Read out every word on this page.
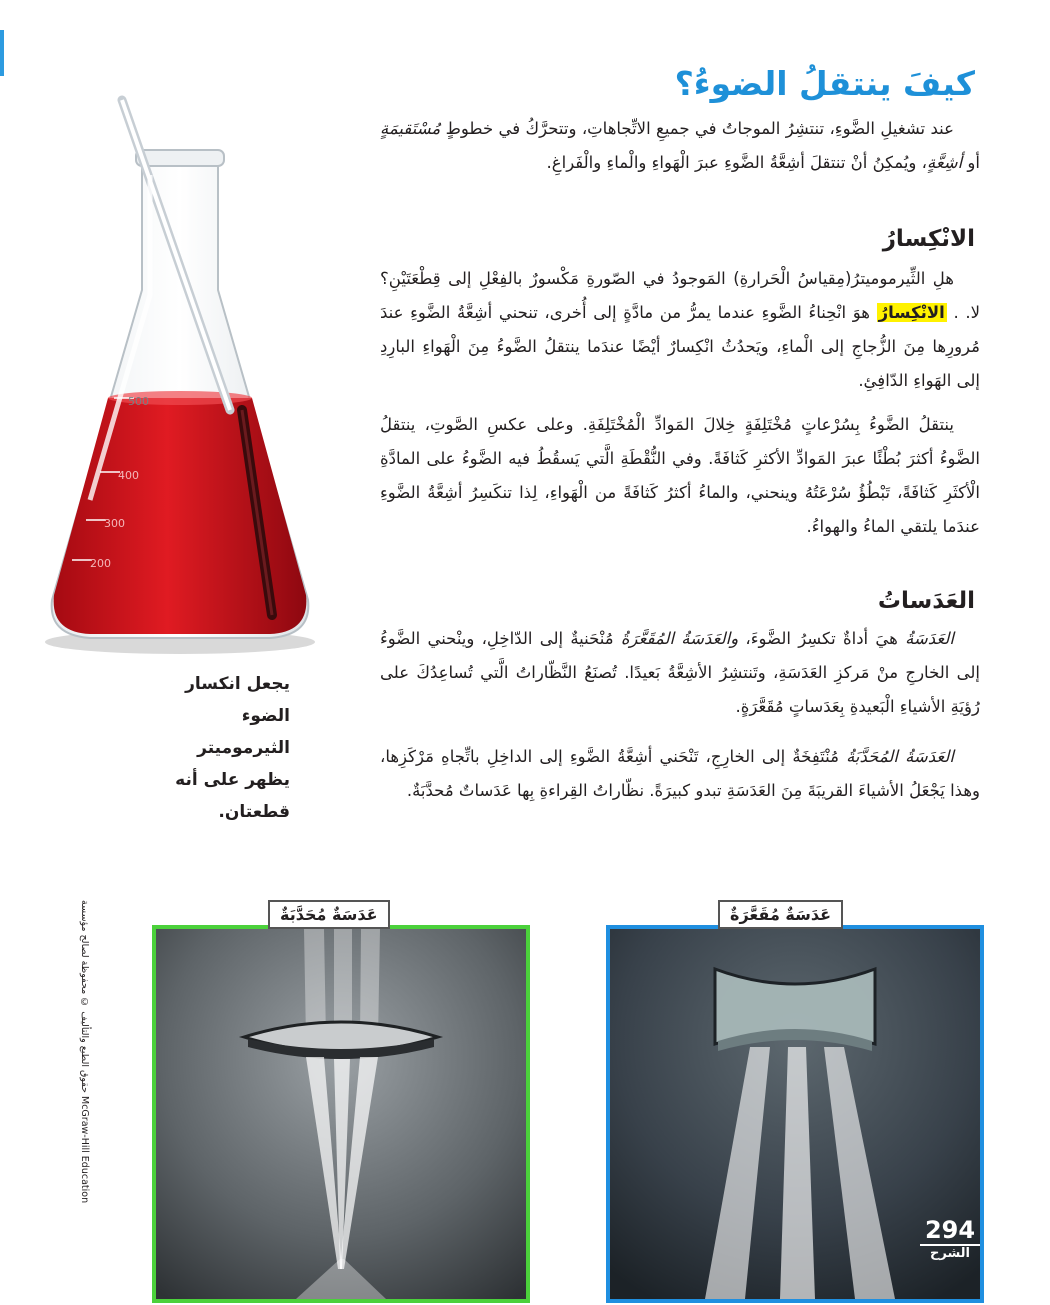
كيفَ ينتقلُ الضوءُ؟

عند تشغيلِ الضَّوءِ، تنتشِرُ الموجاتُ في جميعِ الاتِّجاهاتِ، وتتحرَّكُ في خطوطٍ مُسْتَقيمَةٍ أو أشِعَّةٍ، ويُمكِنُ أنْ تنتقلَ أشِعَّةُ الضَّوءِ عبرَ الْهَواءِ والْماءِ والْفَراغِ.

الانْكِسارُ

هلِ الثِّيرموميترُ(مِقياسُ الْحَرارةِ) المَوجودُ في الصّورةِ مَكْسورٌ بالفِعْلِ إلى قِطْعَتَيْنِ؟ لا. . الانْكِسارُ هوَ انْحِناءُ الضَّوءِ عندما يمرُّ من مادَّةٍ إلى أُخرى، تنحني أشِعَّةُ الضَّوءِ عندَ مُرورِها مِنَ الزُّجاجِ إلى الْماءِ، ويَحدُثُ انْكِسارٌ أيْضًا عندَما ينتقلُ الضَّوءُ مِنَ الْهَواءِ البارِدِ إلى الهَواءِ الدّافِئِ.

ينتقلُ الضَّوءُ بِسُرْعاتٍ مُخْتَلِفَةٍ خِلالَ المَوادِّ الْمُخْتَلِفَةِ. وعلى عكسِ الصَّوتِ، ينتقلُ الضَّوءُ أكثرَ بُطْئًا عبرَ المَوادِّ الأكثرِ كَثافَةً. وفي النُّقْطَةِ الَّتي يَسقُطُ فيه الضَّوءُ على المادَّةِ الْأكثَرِ كَثافَةً، تَبْطُؤُ سُرْعَتُهُ وينحني، والماءُ أكثرُ كَثافَةً من الْهَواءِ، لِذا تنكَسِرُ أشِعَّةُ الضَّوءِ عندَما يلتقي الماءُ والهواءُ.

العَدَساتُ

العَدَسَةُ هيَ أداةٌ تكسِرُ الضَّوءَ، والعَدَسَةُ المُقَعَّرَةُ مُنْحَنيةٌ إلى الدّاخِلِ، وينْحني الضَّوءُ إلى الخارجِ منْ مَركزِ العَدَسَةِ، وتَنتشِرُ الأشِعَّةُ بَعيدًا. تُصنَعُ النَّظّاراتُ الَّتي تُساعِدُكَ على رُؤيَةِ الأشياءِ الْبَعيدةِ بِعَدَساتٍ مُقَعَّرَةٍ.

العَدَسَةُ المُحَدَّبَةُ مُنْتَفِخَةٌ إلى الخارِجِ، تَنْحَني أشِعَّةُ الضَّوءِ إلى الداخِلِ باتِّجاهِ مَرْكَزِها، وهذا يَجْعَلُ الأشياءَ القريبَةَ مِنَ العَدَسَةِ تبدو كبيرَةً. نظّاراتُ القِراءةِ بِها عَدَساتٌ مُحدَّبَةٌ.

500
400
300
200
يجعل انكسار الضوء الثيرموميتر يظهر على أنه قطعتان.
حقوق الطبع والتأليف © محفوظة لصالح مؤسسة McGraw-Hill Education
عَدَسَةٌ مُحَدَّبَةٌ	عَدَسَةٌ مُقَعَّرَةٌ
294
الشرح
